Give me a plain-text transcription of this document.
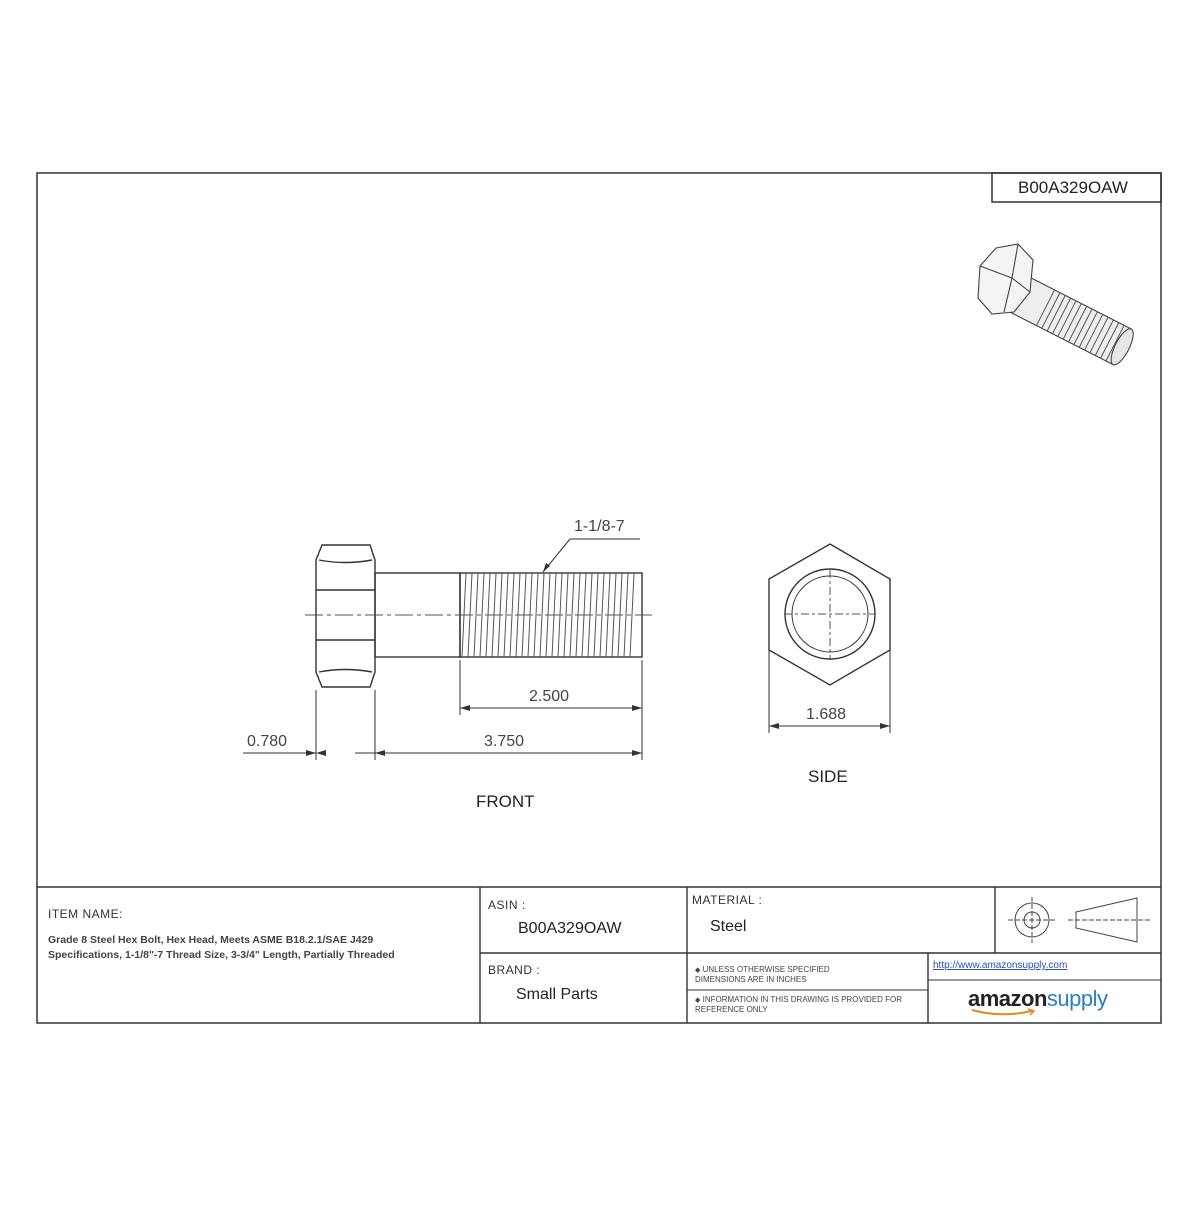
B00A329OAW
1-1/8-7
2.500
0.780	3.750
1.688
FRONT
SIDE
ITEM NAME:
Grade 8 Steel Hex Bolt, Hex Head, Meets ASME B18.2.1/SAE J429
Specifications, 1-1/8"-7 Thread Size, 3-3/4" Length, Partially Threaded
ASIN :
B00A329OAW
MATERIAL :
Steel
BRAND :
Small Parts
◆ UNLESS OTHERWISE SPECIFIED DIMENSIONS ARE IN INCHES
◆ INFORMATION IN THIS DRAWING IS PROVIDED FOR REFERENCE ONLY
http://www.amazonsupply.com
amazonsupply
